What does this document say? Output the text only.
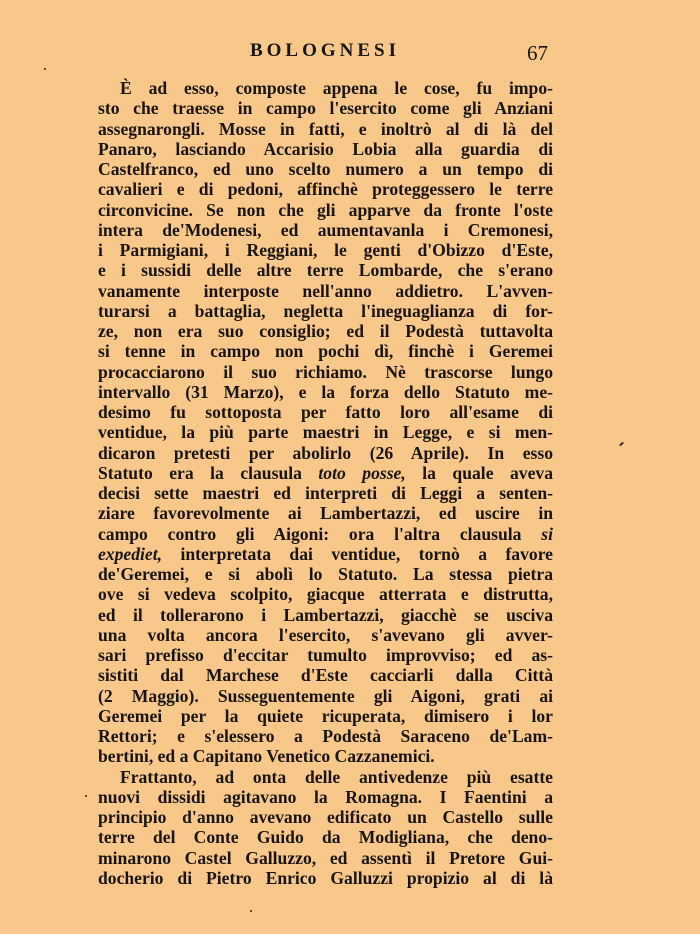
BOLOGNESI	67
È ad esso, composte appena le cose, fu impo-
sto che traesse in campo l'esercito come gli Anziani
assegnarongli. Mosse in fatti, e inoltrò al di là del
Panaro, lasciando Accarisio Lobia alla guardia di
Castelfranco, ed uno scelto numero a un tempo di
cavalieri e di pedoni, affinchè proteggessero le terre
circonvicine. Se non che gli apparve da fronte l'oste
intera de'Modenesi, ed aumentavanla i Cremonesi,
i Parmigiani, i Reggiani, le genti d'Obizzo d'Este,
e i sussidi delle altre terre Lombarde, che s'erano
vanamente interposte nell'anno addietro. L'avven-
turarsi a battaglia, negletta l'ineguaglianza di for-
ze, non era suo consiglio; ed il Podestà tuttavolta
si tenne in campo non pochi dì, finchè i Geremei
procacciarono il suo richiamo. Nè trascorse lungo
intervallo (31 Marzo), e la forza dello Statuto me-
desimo fu sottoposta per fatto loro all'esame di
ventidue, la più parte maestri in Legge, e si men-
dicaron pretesti per abolirlo (26 Aprile). In esso
Statuto era la clausula toto posse, la quale aveva
decisi sette maestri ed interpreti di Leggi a senten-
ziare favorevolmente ai Lambertazzi, ed uscire in
campo contro gli Aigoni: ora l'altra clausula si
expediet, interpretata dai ventidue, tornò a favore
de'Geremei, e si abolì lo Statuto. La stessa pietra
ove si vedeva scolpito, giacque atterrata e distrutta,
ed il tollerarono i Lambertazzi, giacchè se usciva
una volta ancora l'esercito, s'avevano gli avver-
sari prefisso d'eccitar tumulto improvviso; ed as-
sistiti dal Marchese d'Este cacciarli dalla Città
(2 Maggio). Susseguentemente gli Aigoni, grati ai
Geremei per la quiete ricuperata, dimisero i lor
Rettori; e s'elessero a Podestà Saraceno de'Lam-
bertini, ed a Capitano Venetico Cazzanemici.
Frattanto, ad onta delle antivedenze più esatte
nuovi dissidi agitavano la Romagna. I Faentini a
principio d'anno avevano edificato un Castello sulle
terre del Conte Guido da Modigliana, che deno-
minarono Castel Galluzzo, ed assentì il Pretore Gui-
docherio di Pietro Enrico Galluzzi propizio al di là
